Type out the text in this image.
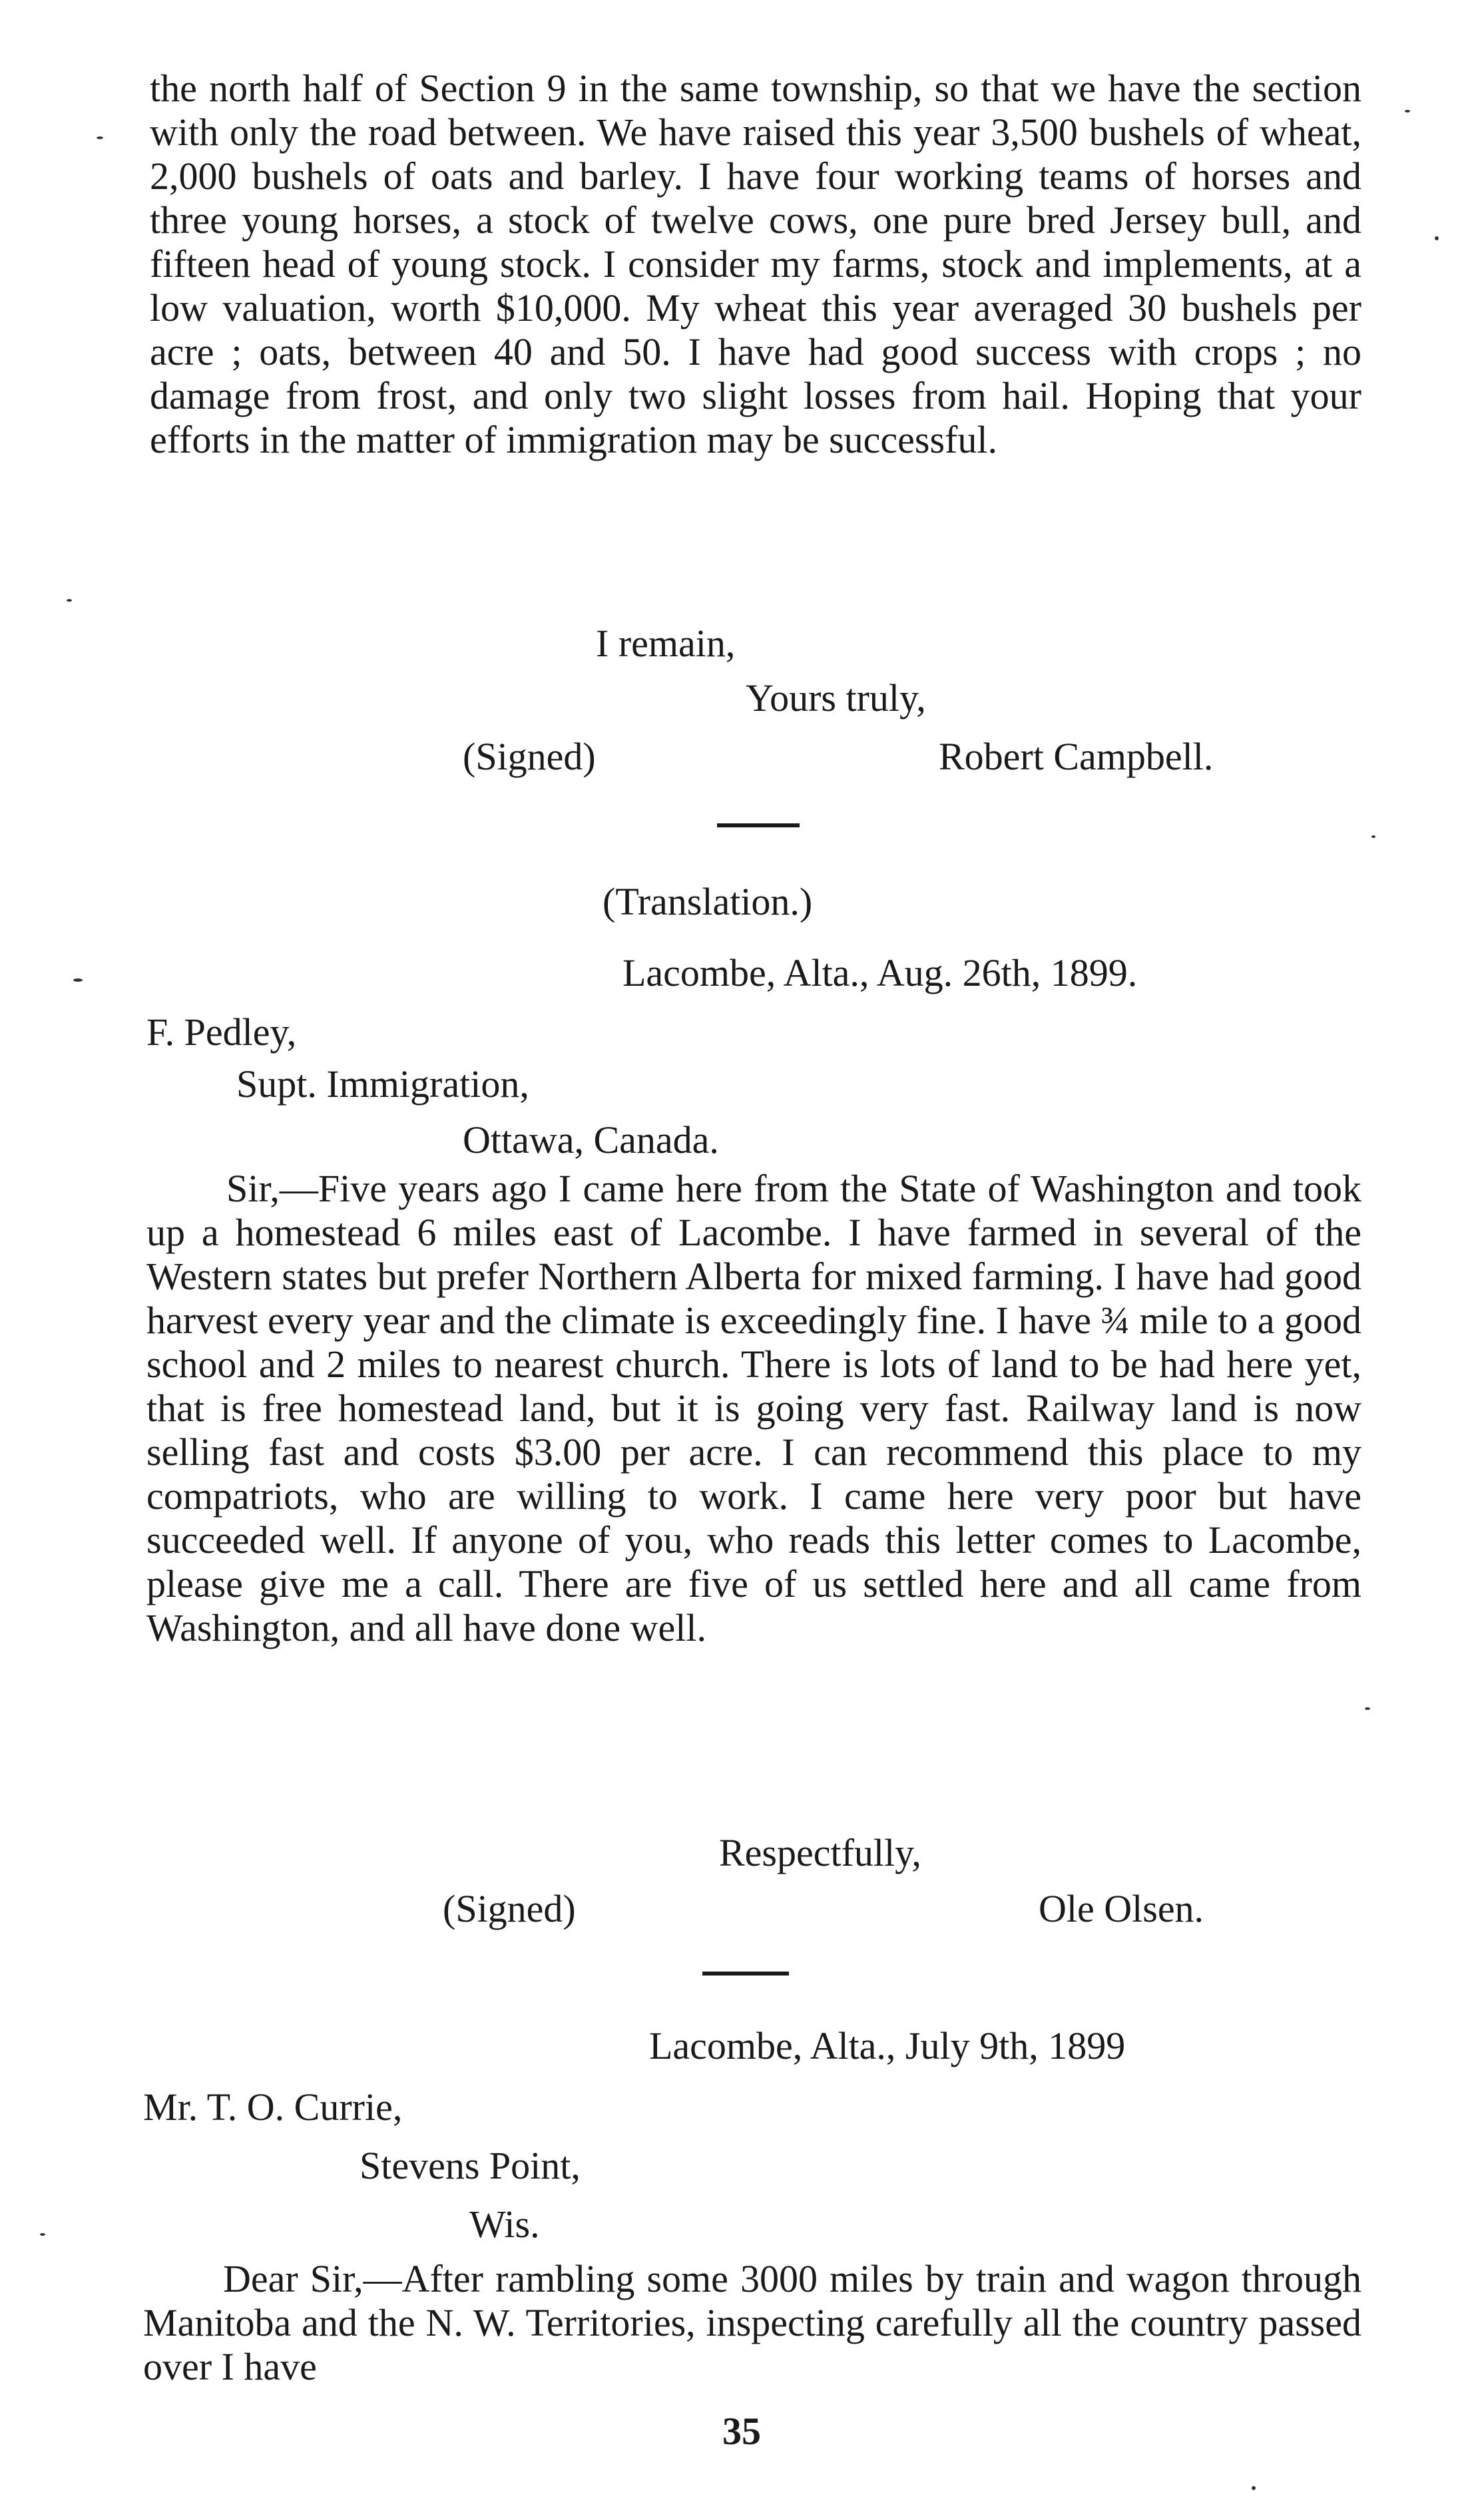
the north half of Section 9 in the same township, so that we have the section with only the road between. We have raised this year 3,500 bushels of wheat, 2,000 bushels of oats and barley. I have four working teams of horses and three young horses, a stock of twelve cows, one pure bred Jersey bull, and fifteen head of young stock. I consider my farms, stock and implements, at a low valuation, worth $10,000. My wheat this year averaged 30 bushels per acre ; oats, between 40 and 50. I have had good success with crops ; no damage from frost, and only two slight losses from hail. Hoping that your efforts in the matter of immigration may be successful.

I remain,
Yours truly,
(Signed)	Robert Campbell.
(Translation.)
Lacombe, Alta., Aug. 26th, 1899.
F. Pedley,
Supt. Immigration,
Ottawa, Canada.

Sir,—Five years ago I came here from the State of Washington and took up a homestead 6 miles east of Lacombe. I have farmed in several of the Western states but prefer Northern Alberta for mixed farming. I have had good harvest every year and the climate is exceedingly fine. I have ¾ mile to a good school and 2 miles to nearest church. There is lots of land to be had here yet, that is free homestead land, but it is going very fast. Railway land is now selling fast and costs $3.00 per acre. I can recommend this place to my compatriots, who are willing to work. I came here very poor but have succeeded well. If anyone of you, who reads this letter comes to Lacombe, please give me a call. There are five of us settled here and all came from Washington, and all have done well.

Respectfully,
(Signed)	Ole Olsen.
Lacombe, Alta., July 9th, 1899
Mr. T. O. Currie,
Stevens Point,
Wis.

Dear Sir,—After rambling some 3000 miles by train and wagon through Manitoba and the N. W. Territories, inspecting carefully all the country passed over I have

35
